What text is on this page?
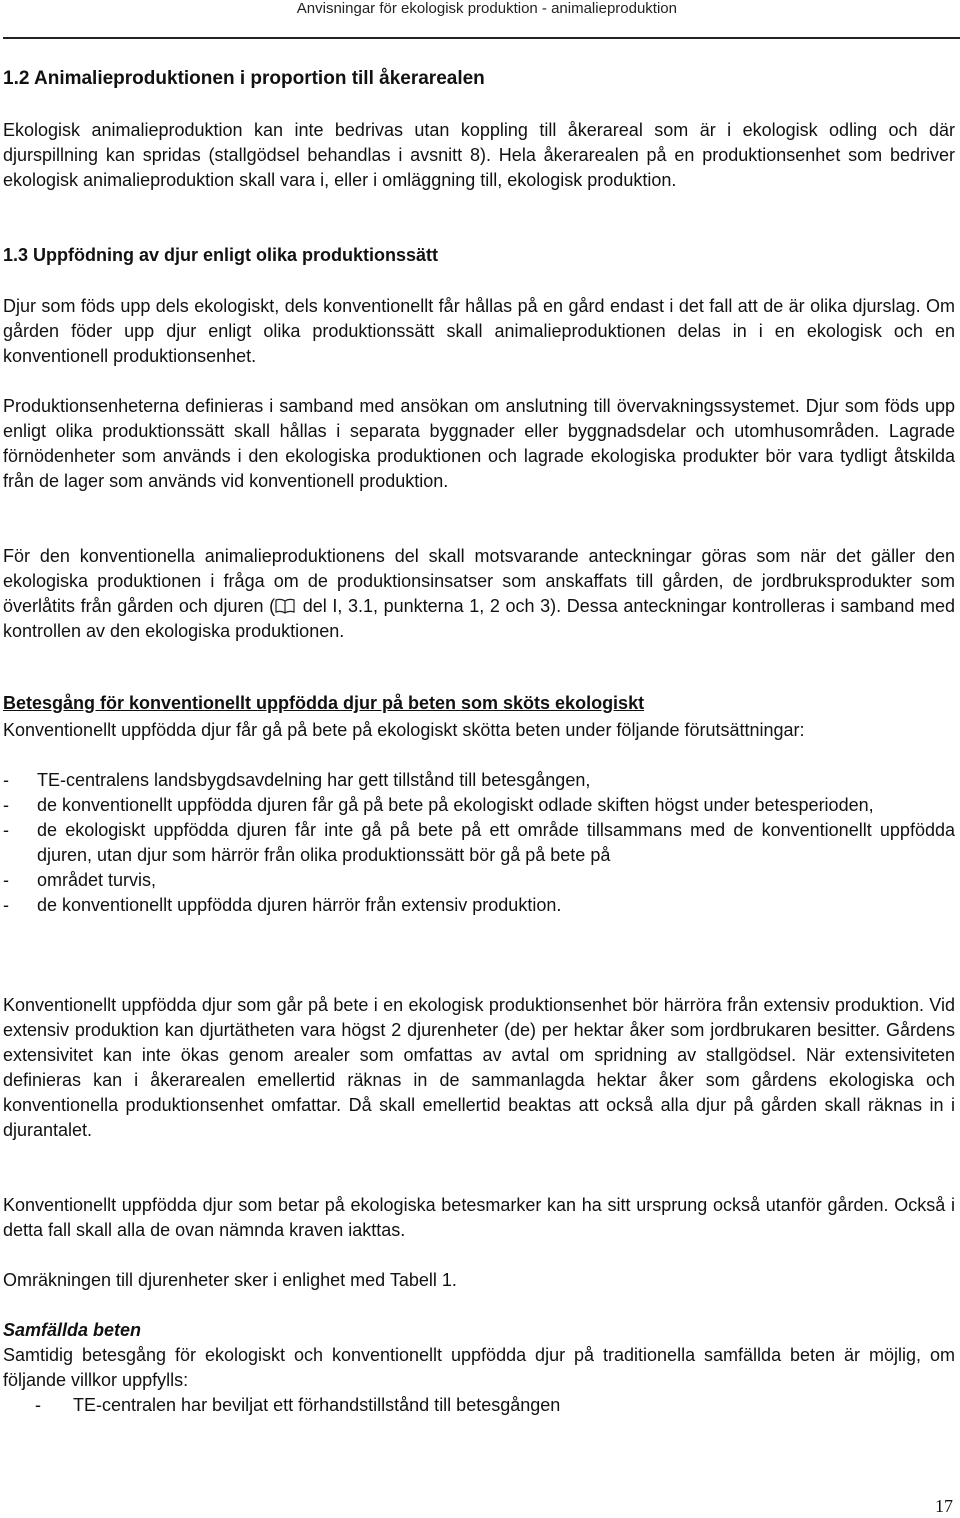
Anvisningar för ekologisk produktion - animalieproduktion
1.2 Animalieproduktionen i proportion till åkerarealen

Ekologisk animalieproduktion kan inte bedrivas utan koppling till åkerareal som är i ekologisk odling och där djurspillning kan spridas (stallgödsel behandlas i avsnitt 8). Hela åkerarealen på en produktionsenhet som bedriver ekologisk animalieproduktion skall vara i, eller i omläggning till, ekologisk produktion.

1.3 Uppfödning av djur enligt olika produktionssätt

Djur som föds upp dels ekologiskt, dels konventionellt får hållas på en gård endast i det fall att de är olika djurslag. Om gården föder upp djur enligt olika produktionssätt skall animalieproduktionen delas in i en ekologisk och en konventionell produktionsenhet.

Produktionsenheterna definieras i samband med ansökan om anslutning till övervakningssystemet. Djur som föds upp enligt olika produktionssätt skall hållas i separata byggnader eller byggnadsdelar och utomhusområden. Lagrade förnödenheter som används i den ekologiska produktionen och lagrade ekologiska produkter bör vara tydligt åtskilda från de lager som används vid konventionell produktion.

För den konventionella animalieproduktionens del skall motsvarande anteckningar göras som när det gäller den ekologiska produktionen i fråga om de produktionsinsatser som anskaffats till gården, de jordbruksprodukter som överlåtits från gården och djuren ( del I, 3.1, punkterna 1, 2 och 3). Dessa anteckningar kontrolleras i samband med kontrollen av den ekologiska produktionen.

Betesgång för konventionellt uppfödda djur på beten som sköts ekologiskt

Konventionellt uppfödda djur får gå på bete på ekologiskt skötta beten under följande förutsättningar:

- TE-centralens landsbygdsavdelning har gett tillstånd till betesgången,
- de konventionellt uppfödda djuren får gå på bete på ekologiskt odlade skiften högst under betesperioden,
- de ekologiskt uppfödda djuren får inte gå på bete på ett område tillsammans med de konventionellt uppfödda djuren, utan djur som härrör från olika produktionssätt bör gå på bete på
- området turvis,
- de konventionellt uppfödda djuren härrör från extensiv produktion.

Konventionellt uppfödda djur som går på bete i en ekologisk produktionsenhet bör härröra från extensiv produktion. Vid extensiv produktion kan djurtätheten vara högst 2 djurenheter (de) per hektar åker som jordbrukaren besitter. Gårdens extensivitet kan inte ökas genom arealer som omfattas av avtal om spridning av stallgödsel. När extensiviteten definieras kan i åkerarealen emellertid räknas in de sammanlagda hektar åker som gårdens ekologiska och konventionella produktionsenhet omfattar. Då skall emellertid beaktas att också alla djur på gården skall räknas in i djurantalet.

Konventionellt uppfödda djur som betar på ekologiska betesmarker kan ha sitt ursprung också utanför gården. Också i detta fall skall alla de ovan nämnda kraven iakttas.

Omräkningen till djurenheter sker i enlighet med Tabell 1.

Samfällda beten

Samtidig betesgång för ekologiskt och konventionellt uppfödda djur på traditionella samfällda beten är möjlig, om följande villkor uppfylls:

- TE-centralen har beviljat ett förhandstillstånd till betesgången
17
